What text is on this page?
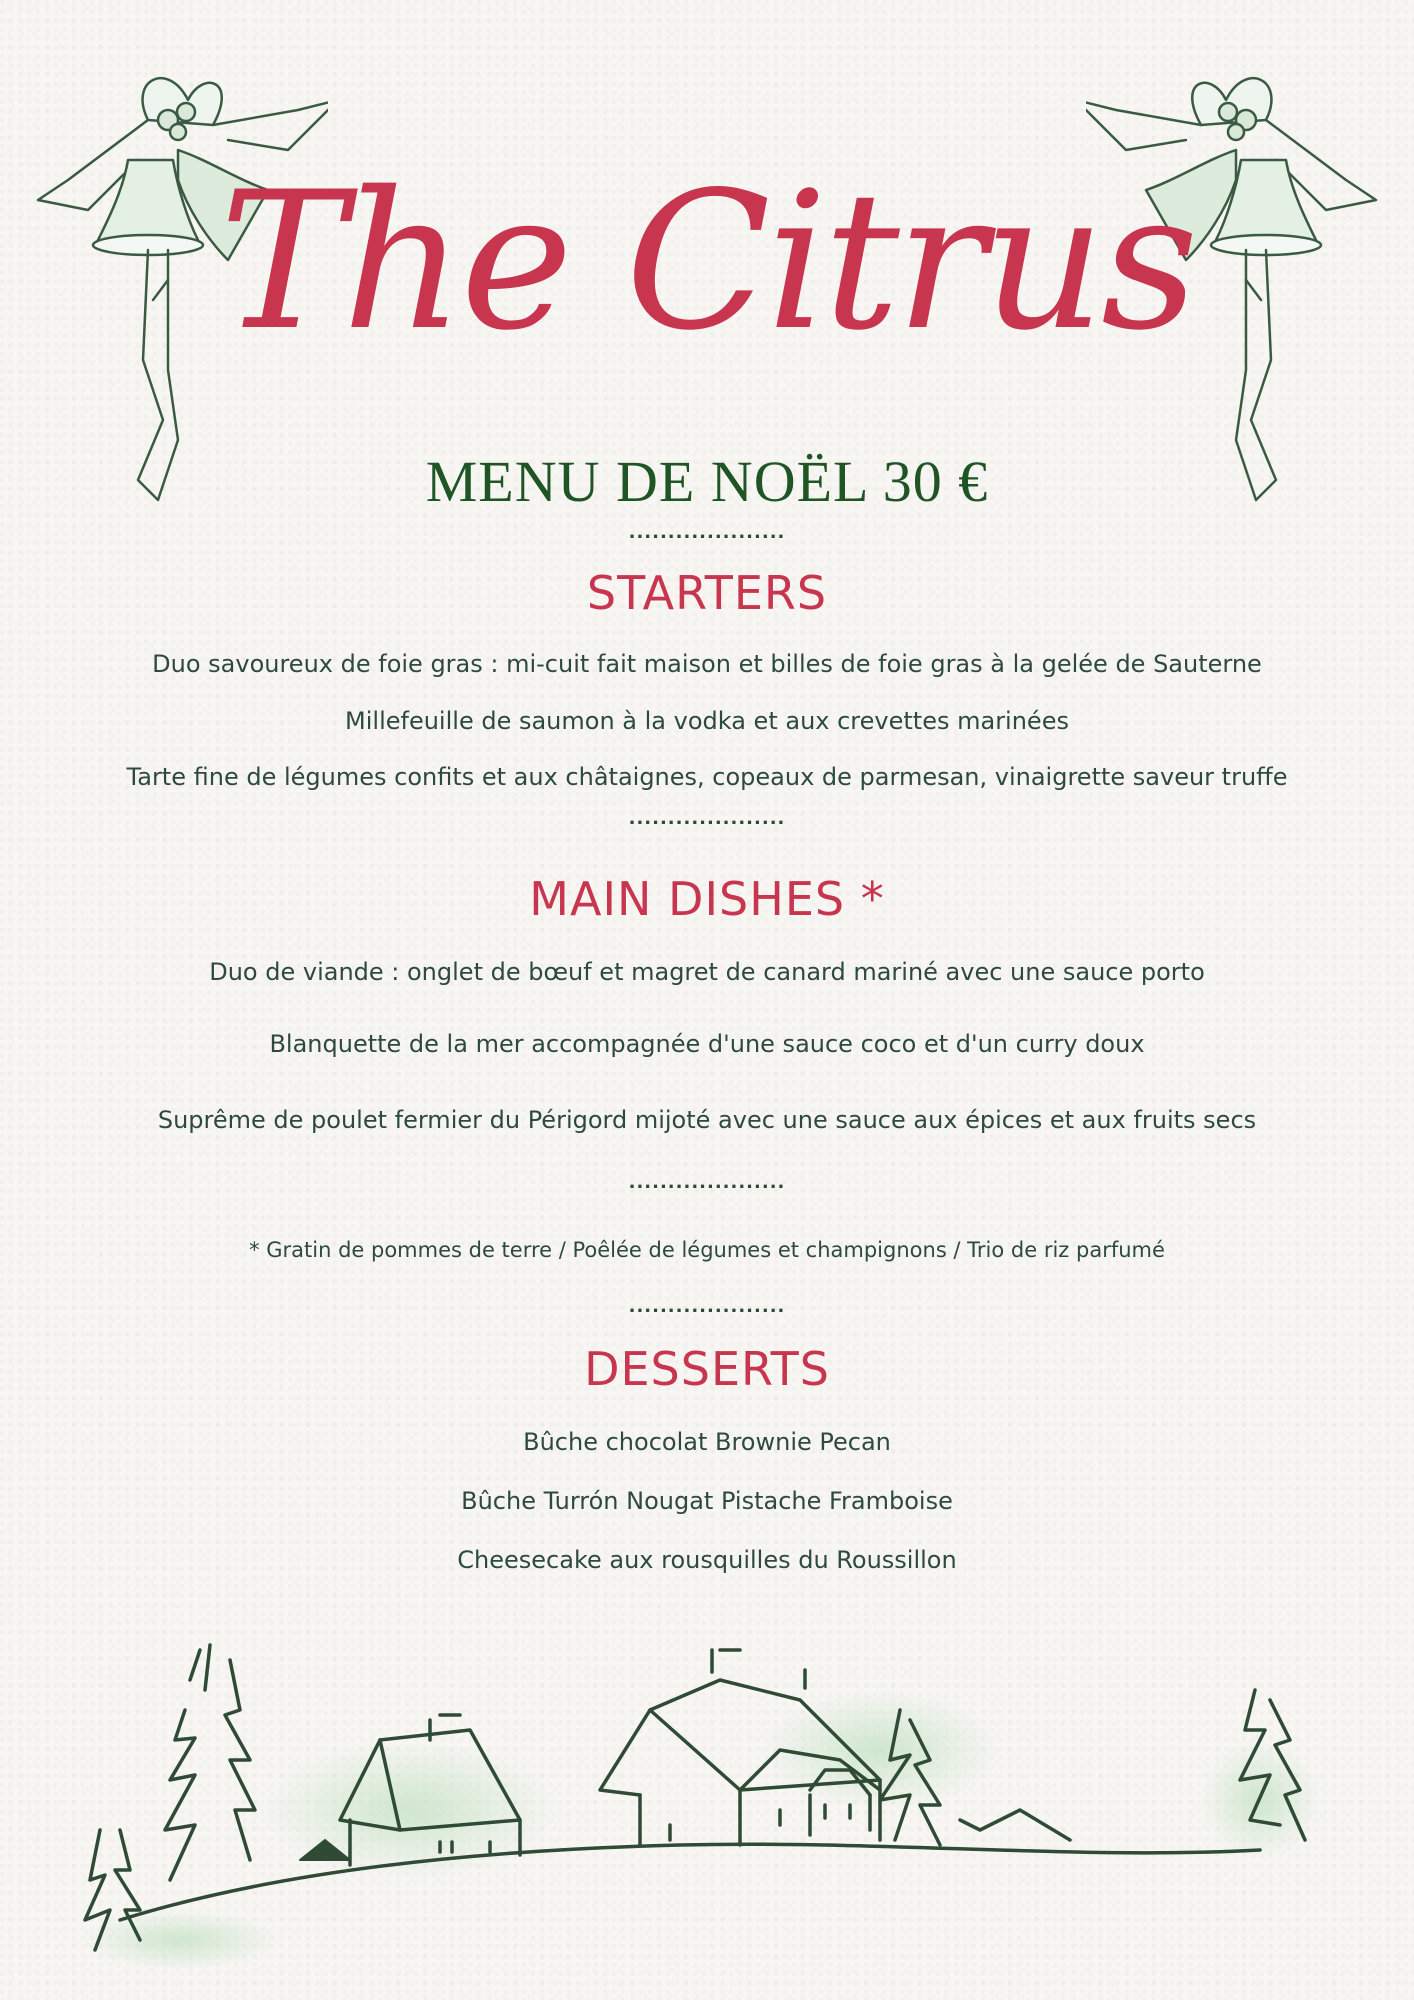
The Citrus
MENU DE NOËL 30 €
....................
STARTERS
Duo savoureux de foie gras : mi-cuit fait maison et billes de foie gras à la gelée de Sauterne
Millefeuille de saumon à la vodka et aux crevettes marinées
Tarte fine de légumes confits et aux châtaignes, copeaux de parmesan, vinaigrette saveur truffe
....................
MAIN DISHES *
Duo de viande : onglet de bœuf et magret de canard mariné avec une sauce porto
Blanquette de la mer accompagnée d'une sauce coco et d'un curry doux
Suprême de poulet fermier du Périgord mijoté avec une sauce aux épices et aux fruits secs
....................
* Gratin de pommes de terre / Poêlée de légumes et champignons / Trio de riz parfumé
....................
DESSERTS
Bûche chocolat Brownie Pecan
Bûche Turrón Nougat Pistache Framboise
Cheesecake aux rousquilles du Roussillon
